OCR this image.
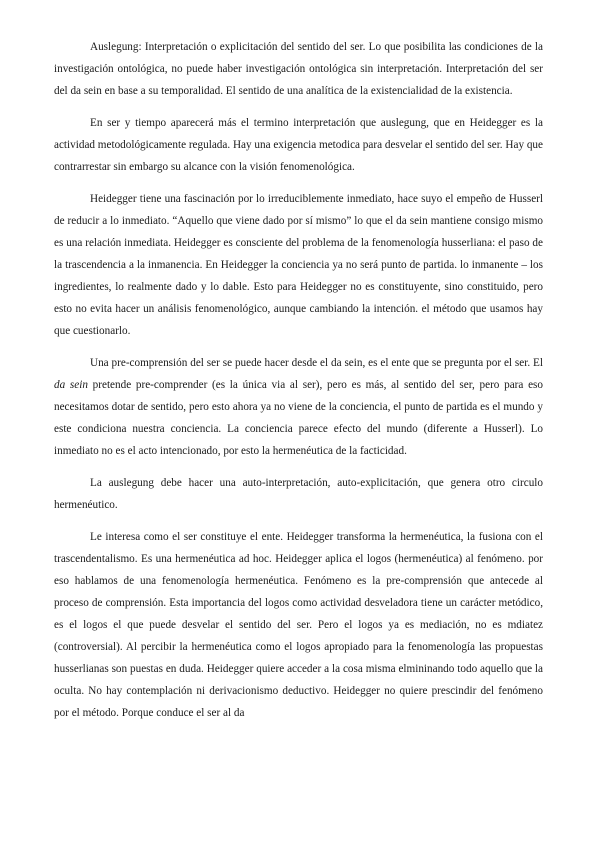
Auslegung: Interpretación o explicitación del sentido del ser. Lo que posibilita las condiciones de la investigación ontológica, no puede haber investigación ontológica sin interpretación. Interpretación del ser del da sein en base a su temporalidad. El sentido de una analítica de la existencialidad de la existencia.

En ser y tiempo aparecerá más el termino interpretación que auslegung, que en Heidegger es la actividad metodológicamente regulada. Hay una exigencia metodica para desvelar el sentido del ser. Hay que contrarrestar sin embargo su alcance con la visión fenomenológica.

Heidegger tiene una fascinación por lo irreduciblemente inmediato, hace suyo el empeño de Husserl de reducir a lo inmediato. “Aquello que viene dado por sí mismo” lo que el da sein mantiene consigo mismo es una relación inmediata. Heidegger es consciente del problema de la fenomenología husserliana: el paso de la trascendencia a la inmanencia. En Heidegger la conciencia ya no será punto de partida. lo inmanente – los ingredientes, lo realmente dado y lo dable. Esto para Heidegger no es constituyente, sino constituido, pero esto no evita hacer un análisis fenomenológico, aunque cambiando la intención. el método que usamos hay que cuestionarlo.

Una pre-comprensión del ser se puede hacer desde el da sein, es el ente que se pregunta por el ser. El da sein pretende pre-comprender (es la única via al ser), pero es más, al sentido del ser, pero para eso necesitamos dotar de sentido, pero esto ahora ya no viene de la conciencia, el punto de partida es el mundo y este condiciona nuestra conciencia. La conciencia parece efecto del mundo (diferente a Husserl). Lo inmediato no es el acto intencionado, por esto la hermenéutica de la facticidad.

La auslegung debe hacer una auto-interpretación, auto-explicitación, que genera otro circulo hermenéutico.

Le interesa como el ser constituye el ente. Heidegger transforma la hermenéutica, la fusiona con el trascendentalismo. Es una hermenéutica ad hoc. Heidegger aplica el logos (hermenéutica) al fenómeno. por eso hablamos de una fenomenología hermenéutica. Fenómeno es la pre-comprensión que antecede al proceso de comprensión. Esta importancia del logos como actividad desveladora tiene un carácter metódico, es el logos el que puede desvelar el sentido del ser. Pero el logos ya es mediación, no es mdiatez (controversial). Al percibir la hermenéutica como el logos apropiado para la fenomenología las propuestas husserlianas son puestas en duda. Heidegger quiere acceder a la cosa misma elmininando todo aquello que la oculta. No hay contemplación ni derivacionismo deductivo. Heidegger no quiere prescindir del fenómeno por el método. Porque conduce el ser al da
